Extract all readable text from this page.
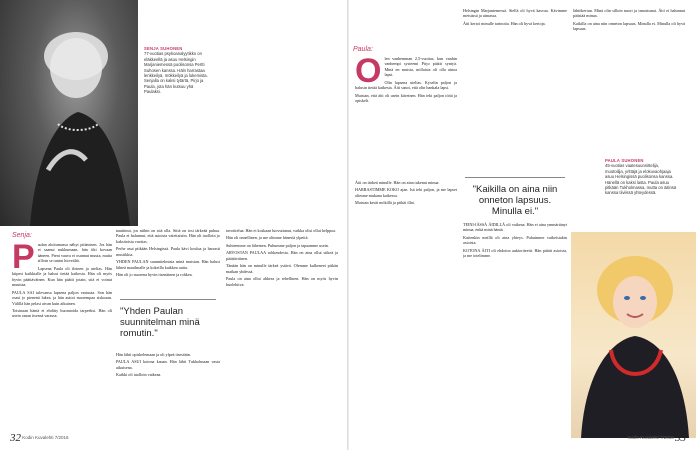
SENJA SUHONEN
77-vuotias psykoanalyytikko on eläkkeellä ja asuu Helsingin Marjaniemessä puolisonsa Pertti Suhosen kanssa. Häln harrastaa lenkkeilyä, mökkeilyä ja lukemista. Senjalla on kaksi tytärtä, Pirjo ja Paula, jota hän kutsuu yhä Paulaksi.
Senja:
P aulan aloitumassa nähyt pitämisen. Jos hän ei saanut nukkumaan, hän itki kovaan ääneen. Pieni vauva ei osannut muuta, mutta silloin se tuntui hirveältä.

Lapsena Paula oli iloinen ja utelias. Hän kiipesi kaikkialle ja halusi tietää kaikesta. Hän oli myös hyvin päättäväinen. Kun hän päätti jotain, sitä ei voinut muuttaa.

PAULA SAI tulevansa lapsena paljon vastuuta. Son hän osasi jo pienenä lukea, ja hän auttoi nuorempaa siskoaan. Välillä hän pelasi aivan kuin aikuinen.

Toisinaan häntä ei ehditty huomioida tarpeeksi. Hän oli usein oman itsensä varassa.

nauttinut, jos niihin on sitä olla. Siitä on tosi tärkeää puhua. Paula ei halunnut, että asioista vaiettaisiin. Hän oli tuolloin jo kaksitoista vuotias.

Perhe asui pitkään Helsingissä. Paula kävi koulua ja harrasti musiikkia.

YHDEN PAULAN suunnitelmista minä muistan. Hän halusi lähteä maailmalle ja kokeilla kaikkea uutta.

Hän oli jo nuorena hyvin itsenäinen ja rohkea.

"Yhden Paulan suunnitelman minä romutin."

Hän lähti opiskelemaan ja oli ylpeä itsestään.

PAULA ASUI kotona kauan. Hän lähti Tukholmaan vasta aikuisena.

Kaikki oli tuolloin vaikeaa.

tavoittelua. Hän ei koskaan luovuttanut, vaikka olisi ollut helppoa.

Hän oli onnellinen, ja me olimme hänestä ylpeitä.

Suhteemme on läheinen. Puhumme paljon ja tapaamme usein.

ARVOSTAN PAULAA rohkeudesta. Hän on aina ollut sitkeä ja päättäväinen.

Tänään hän on minulle tärkeä ystävä. Olemme kulkeneet pitkän matkan yhdessä.

Paula on aina ollut ahkera ja rehellinen. Hän on myös hyvin huolehtiva.

32 Kodin Kuvalehti 7/2016
Paula:
O len vanhemman 2,5-vuotias, kun vanhin vanhempi systeemi Pirjo päätti syntyä. Minä en muista, millaista oli olla ainoa lapsi.

Olin lapsena utelias. Kyselin paljon ja halusin tietää kaikesta. Äiti sanoi, että olin hankala lapsi.

Muistan, että äiti oli usein kiireinen. Hän teki paljon töitä ja opiskeli.

"Kaikilla on aina niin onneton lapsuus. Minulla ei."

Äiti on tärkeä minulle. Hän on aina tukenut minua.

HARRASTIMME KOKO ajan. Isä teki paljon, ja me lapset olimme mukana kaikessa.

Muistan kesät mökillä ja pitkät illat.

Helsingin Marjaniemessä. Siellä oli hyvä kasvaa. Kävimme metsässä ja uimassa.

Äiti kertoi minulle tarinoita. Hän oli hyvä kertoja.

TEINI-IÄSSÄ ÄIDILLÄ oli vaikeaa. Hän ei aina ymmärtänyt minua, enkä minä häntä.

Kuitenkin meillä oli aina yhteys. Puhuimme vaikeistakin asioista.

KOTONA ÄITI oli ehdoton auktoriteetti. Hän päätti asioista, ja me totelimme.

lähtökertun. Minä olin silloin nuori ja innostunut. Äiti ei halunnut päästää minua.

Kaikilla on aina niin onneton lapsuus. Minulla ei. Minulla oli hyvä lapsuus.

PAULA SUHONEN
45-vuotias vaatesuunnittelija, muotoilija, yrittäjä ja elokuvaohjaaja asuu Helsingissä puolisonsa kanssa. Hänellä on kaksi lasta. Paula asuu pitkään Tukholmassa, mutta on äitinsä kanssa tiiviissä yhteydessä.
Kodin Kuvalehti 7/2016 33
